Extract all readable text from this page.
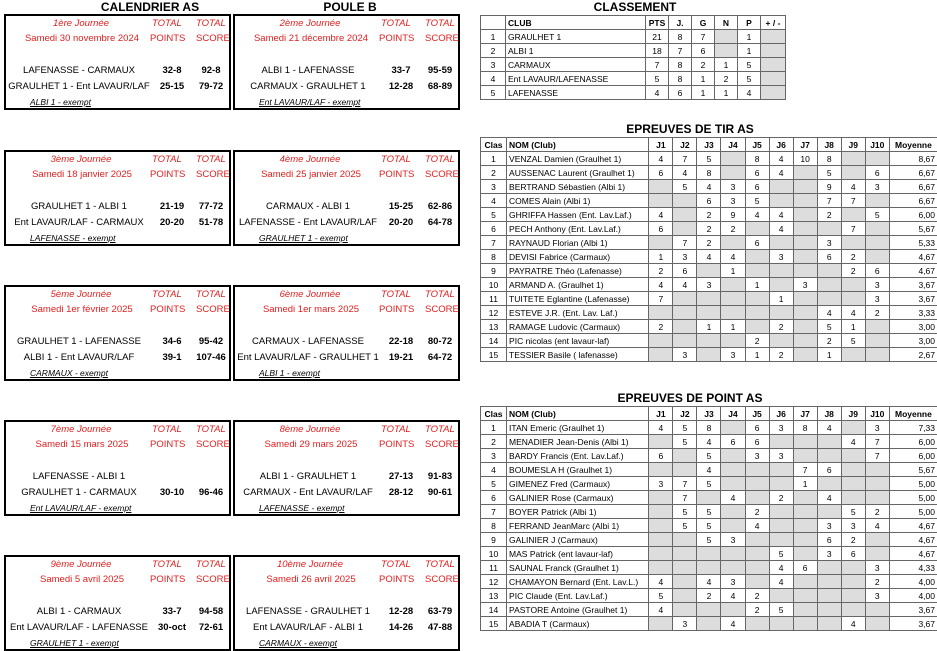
CALENDRIER AS	POULE B	CLASSEMENT
EPREUVES DE TIR AS
EPREUVES DE POINT AS
1ère Journée	TOTAL TOTAL
Samedi 30 novembre 2024	POINTS SCORE
LAFENASSE - CARMAUX	32-8	92-8
GRAULHET 1 - Ent LAVAUR/LAF	25-15	79-72
ALBI 1 - exempt
2ème Journée	TOTAL TOTAL
Samedi 21 décembre 2024	POINTS SCORE
ALBI 1 - LAFENASSE	33-7	95-59
CARMAUX - GRAULHET 1	12-28	68-89
Ent LAVAUR/LAF - exempt
3ème Journée	TOTAL TOTAL
Samedi 18 janvier 2025	POINTS SCORE
GRAULHET 1 - ALBI 1	21-19	77-72
Ent LAVAUR/LAF - CARMAUX	20-20	51-78
LAFENASSE - exempt
4ème Journée	TOTAL TOTAL
Samedi 25 janvier 2025	POINTS SCORE
CARMAUX - ALBI 1	15-25	62-86
LAFENASSE - Ent LAVAUR/LAF	20-20	64-78
GRAULHET 1 - exempt
5ème Journée	TOTAL TOTAL
Samedi 1er février 2025	POINTS SCORE
GRAULHET 1 - LAFENASSE	34-6	95-42
ALBI 1 - Ent LAVAUR/LAF	39-1	107-46
CARMAUX - exempt
6ème Journée	TOTAL TOTAL
Samedi 1er mars 2025	POINTS SCORE
CARMAUX - LAFENASSE	22-18	80-72
Ent LAVAUR/LAF - GRAULHET 1	19-21	64-72
ALBI 1 - exempt
7ème Journée	TOTAL TOTAL
Samedi 15 mars 2025	POINTS SCORE
LAFENASSE - ALBI 1
GRAULHET 1 - CARMAUX	30-10	96-46
Ent LAVAUR/LAF - exempt
8ème Journée	TOTAL TOTAL
Samedi 29 mars 2025	POINTS SCORE
ALBI 1 - GRAULHET 1	27-13	91-83
CARMAUX - Ent LAVAUR/LAF	28-12	90-61
LAFENASSE - exempt
9ème Journée	TOTAL TOTAL
Samedi 5 avril 2025	POINTS SCORE
ALBI 1 - CARMAUX	33-7	94-58
Ent LAVAUR/LAF - LAFENASSE	30-oct	72-61
GRAULHET 1 - exempt
10ème Journée	TOTAL TOTAL
Samedi 26 avril 2025	POINTS SCORE
LAFENASSE - GRAULHET 1	12-28	63-79
Ent LAVAUR/LAF - ALBI 1	14-26	47-88
CARMAUX - exempt
	CLUB	PTS	J.	G	N	P	+ / -
1	GRAULHET 1	21	8	7		1	
2	ALBI 1	18	7	6		1	
3	CARMAUX	7	8	2	1	5	
4	Ent LAVAUR/LAFENASSE	5	8	1	2	5	
5	LAFENASSE	4	6	1	1	4	
Clas	NOM (Club)	J1	J2	J3	J4	J5	J6	J7	J8	J9	J10	Moyenne
1	VENZAL Damien (Graulhet 1)	4	7	5		8	4	10	8			8,67
2	AUSSENAC Laurent (Graulhet 1)	6	4	8		6	4		5		6	6,67
3	BERTRAND Sébastien (Albi 1)		5	4	3	6			9	4	3	6,67
4	COMES Alain (Albi 1)			6	3	5			7	7		6,67
5	GHRIFFA Hassen (Ent. Lav.Laf.)	4		2	9	4	4		2		5	6,00
6	PECH Anthony (Ent. Lav.Laf.)	6		2	2		4			7		5,67
7	RAYNAUD Florian (Albi 1)		7	2		6			3			5,33
8	DEVISI Fabrice (Carmaux)	1	3	4	4		3		6	2		4,67
9	PAYRATRE Théo (Lafenasse)	2	6		1					2	6	4,67
10	ARMAND A. (Graulhet 1)	4	4	3		1		3			3	3,67
11	TUITETE Eglantine (Lafenasse)	7					1				3	3,67
12	ESTEVE J.R. (Ent. Lav. Laf.)								4	4	2	3,33
13	RAMAGE Ludovic (Carmaux)	2		1	1		2		5	1		3,00
14	PIC nicolas (ent lavaur-laf)					2			2	5		3,00
15	TESSIER Basile ( lafenasse)		3		3	1	2		1			2,67
Clas	NOM (Club)	J1	J2	J3	J4	J5	J6	J7	J8	J9	J10	Moyenne
1	ITAN Emeric (Graulhet 1)	4	5	8		6	3	8	4		3	7,33
2	MENADIER Jean-Denis (Albi 1)		5	4	6	6				4	7	6,00
3	BARDY Francis (Ent. Lav.Laf.)	6		5		3	3				7	6,00
4	BOUMESLA H (Graulhet 1)			4				7	6			5,67
5	GIMENEZ Fred (Carmaux)	3	7	5				1				5,00
6	GALINIER Rose (Carmaux)		7		4		2		4			5,00
7	BOYER Patrick (Albi 1)		5	5		2				5	2	5,00
8	FERRAND JeanMarc (Albi 1)		5	5		4			3	3	4	4,67
9	GALINIER J (Carmaux)			5	3				6	2		4,67
10	MAS Patrick (ent lavaur-laf)						5		3	6		4,67
11	SAUNAL Franck (Graulhet 1)						4	6			3	4,33
12	CHAMAYON Bernard (Ent. Lav.L.)	4		4	3		4				2	4,00
13	PIC Claude (Ent. Lav.Laf.)	5		2	4	2					3	4,00
14	PASTORE Antoine (Graulhet 1)	4				2	5					3,67
15	ABADIA T (Carmaux)		3		4					4		3,67
